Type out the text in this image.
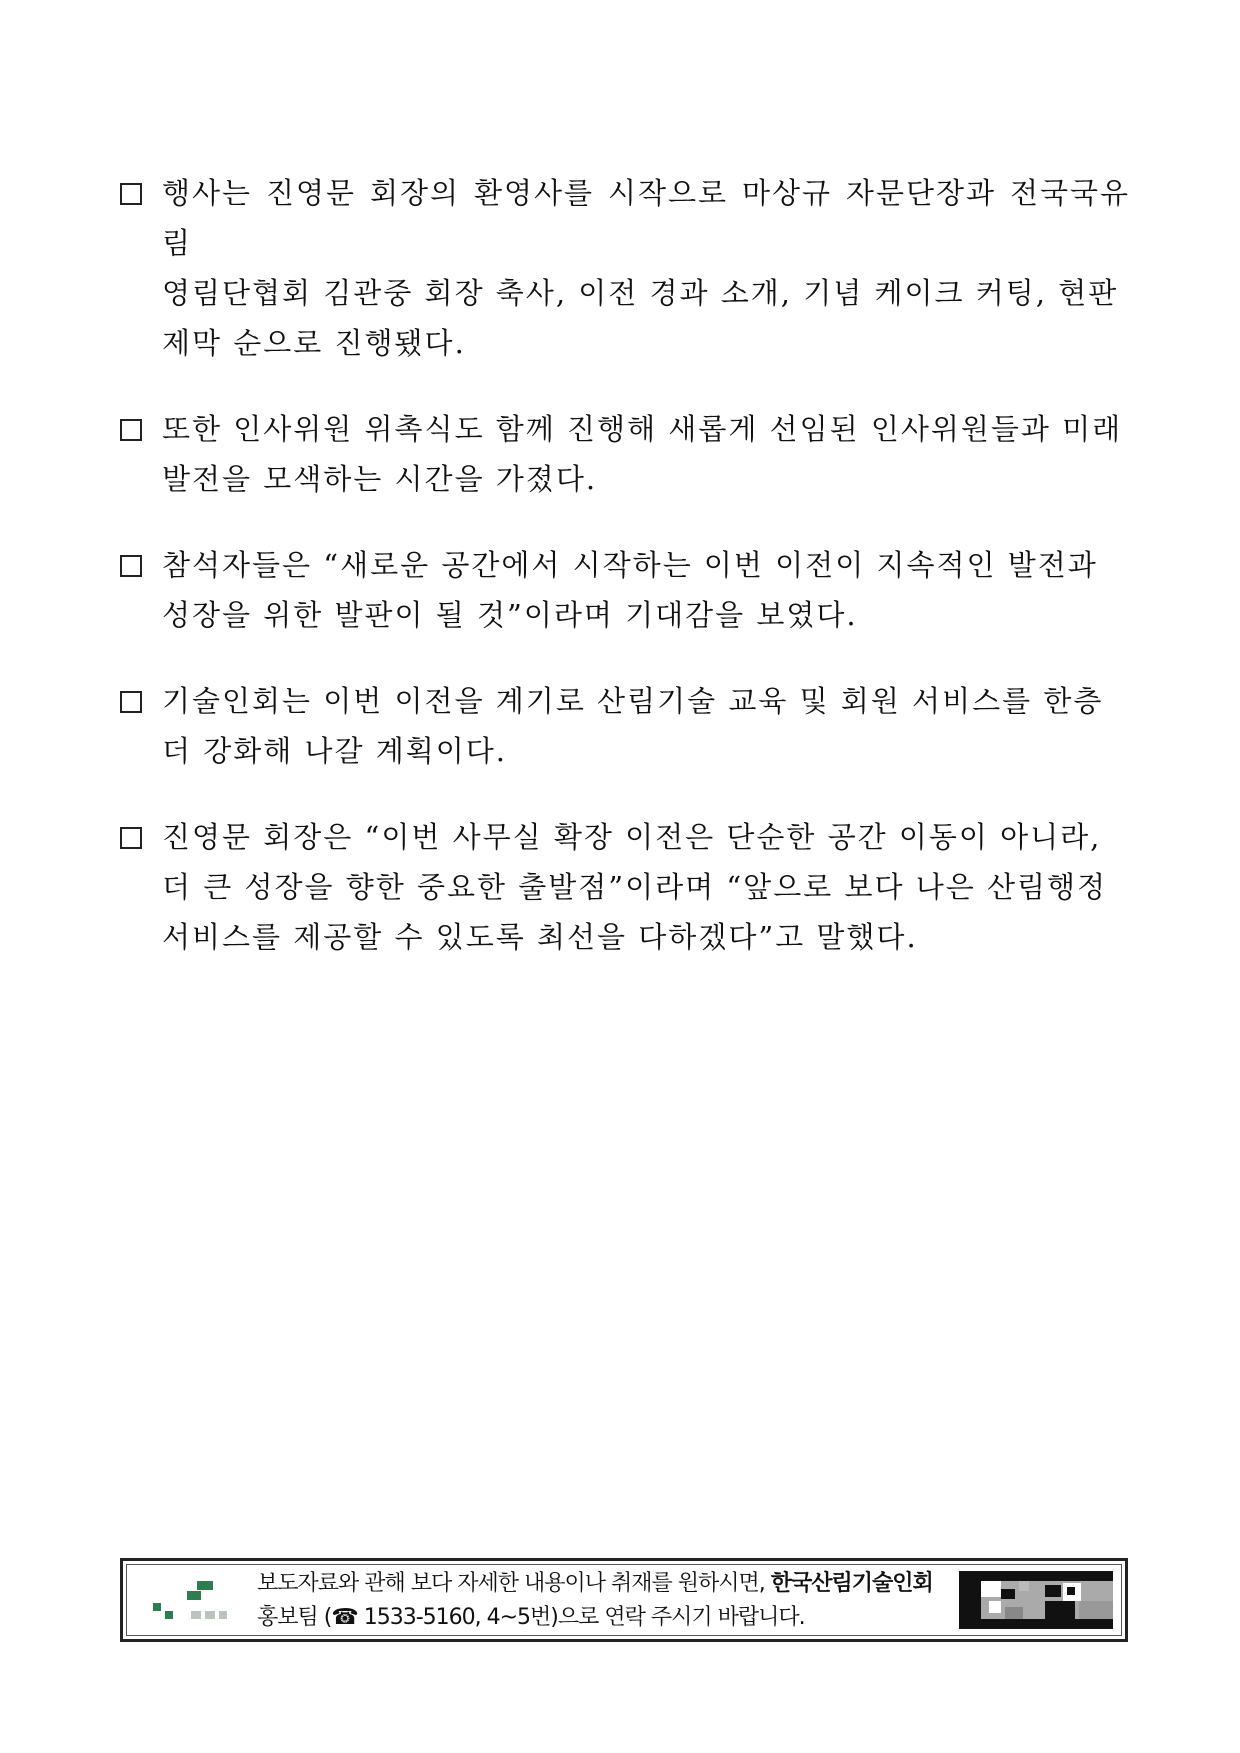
행사는 진영문 회장의 환영사를 시작으로 마상규 자문단장과 전국국유림
영림단협회 김관중 회장 축사, 이전 경과 소개, 기념 케이크 커팅, 현판
제막 순으로 진행됐다.
또한 인사위원 위촉식도 함께 진행해 새롭게 선임된 인사위원들과 미래
발전을 모색하는 시간을 가졌다.
참석자들은 “새로운 공간에서 시작하는 이번 이전이 지속적인 발전과
성장을 위한 발판이 될 것”이라며 기대감을 보였다.
기술인회는 이번 이전을 계기로 산림기술 교육 및 회원 서비스를 한층
더 강화해 나갈 계획이다.
진영문 회장은 “이번 사무실 확장 이전은 단순한 공간 이동이 아니라,
더 큰 성장을 향한 중요한 출발점”이라며 “앞으로 보다 나은 산림행정
서비스를 제공할 수 있도록 최선을 다하겠다”고 말했다.
보도자료와 관해 보다 자세한 내용이나 취재를 원하시면, 한국산림기술인회
홍보팀 (☎ 1533-5160, 4~5번)으로 연락 주시기 바랍니다.
